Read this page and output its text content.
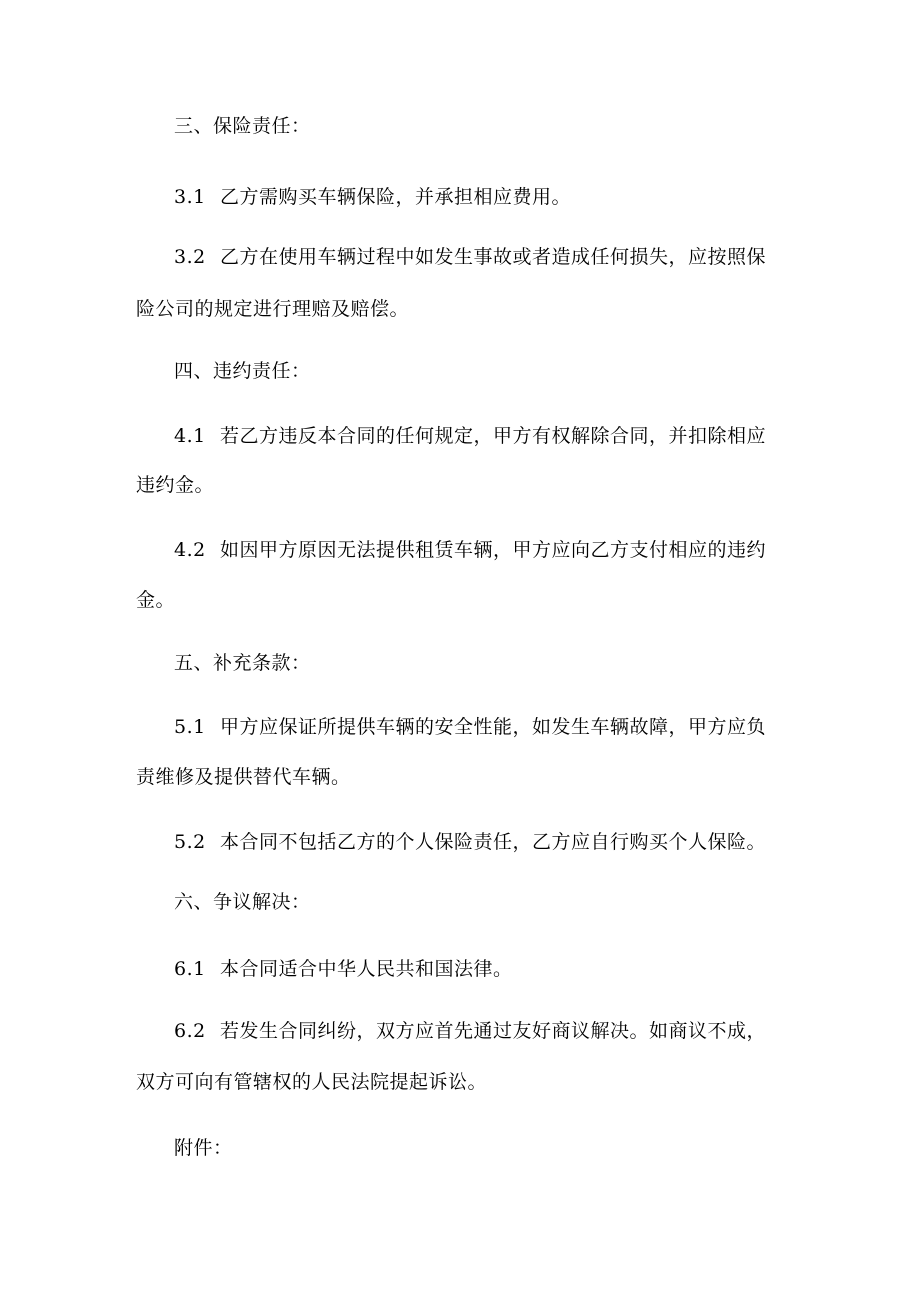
三、保险责任：
3.1 乙方需购买车辆保险，并承担相应费用。
3.2 乙方在使用车辆过程中如发生事故或者造成任何损失，应按照保
险公司的规定进行理赔及赔偿。
四、违约责任：
4.1 若乙方违反本合同的任何规定，甲方有权解除合同，并扣除相应
违约金。
4.2 如因甲方原因无法提供租赁车辆，甲方应向乙方支付相应的违约
金。
五、补充条款：
5.1 甲方应保证所提供车辆的安全性能，如发生车辆故障，甲方应负
责维修及提供替代车辆。
5.2 本合同不包括乙方的个人保险责任，乙方应自行购买个人保险。
六、争议解决：
6.1 本合同适合中华人民共和国法律。
6.2 若发生合同纠纷，双方应首先通过友好商议解决。如商议不成，
双方可向有管辖权的人民法院提起诉讼。
附件：
